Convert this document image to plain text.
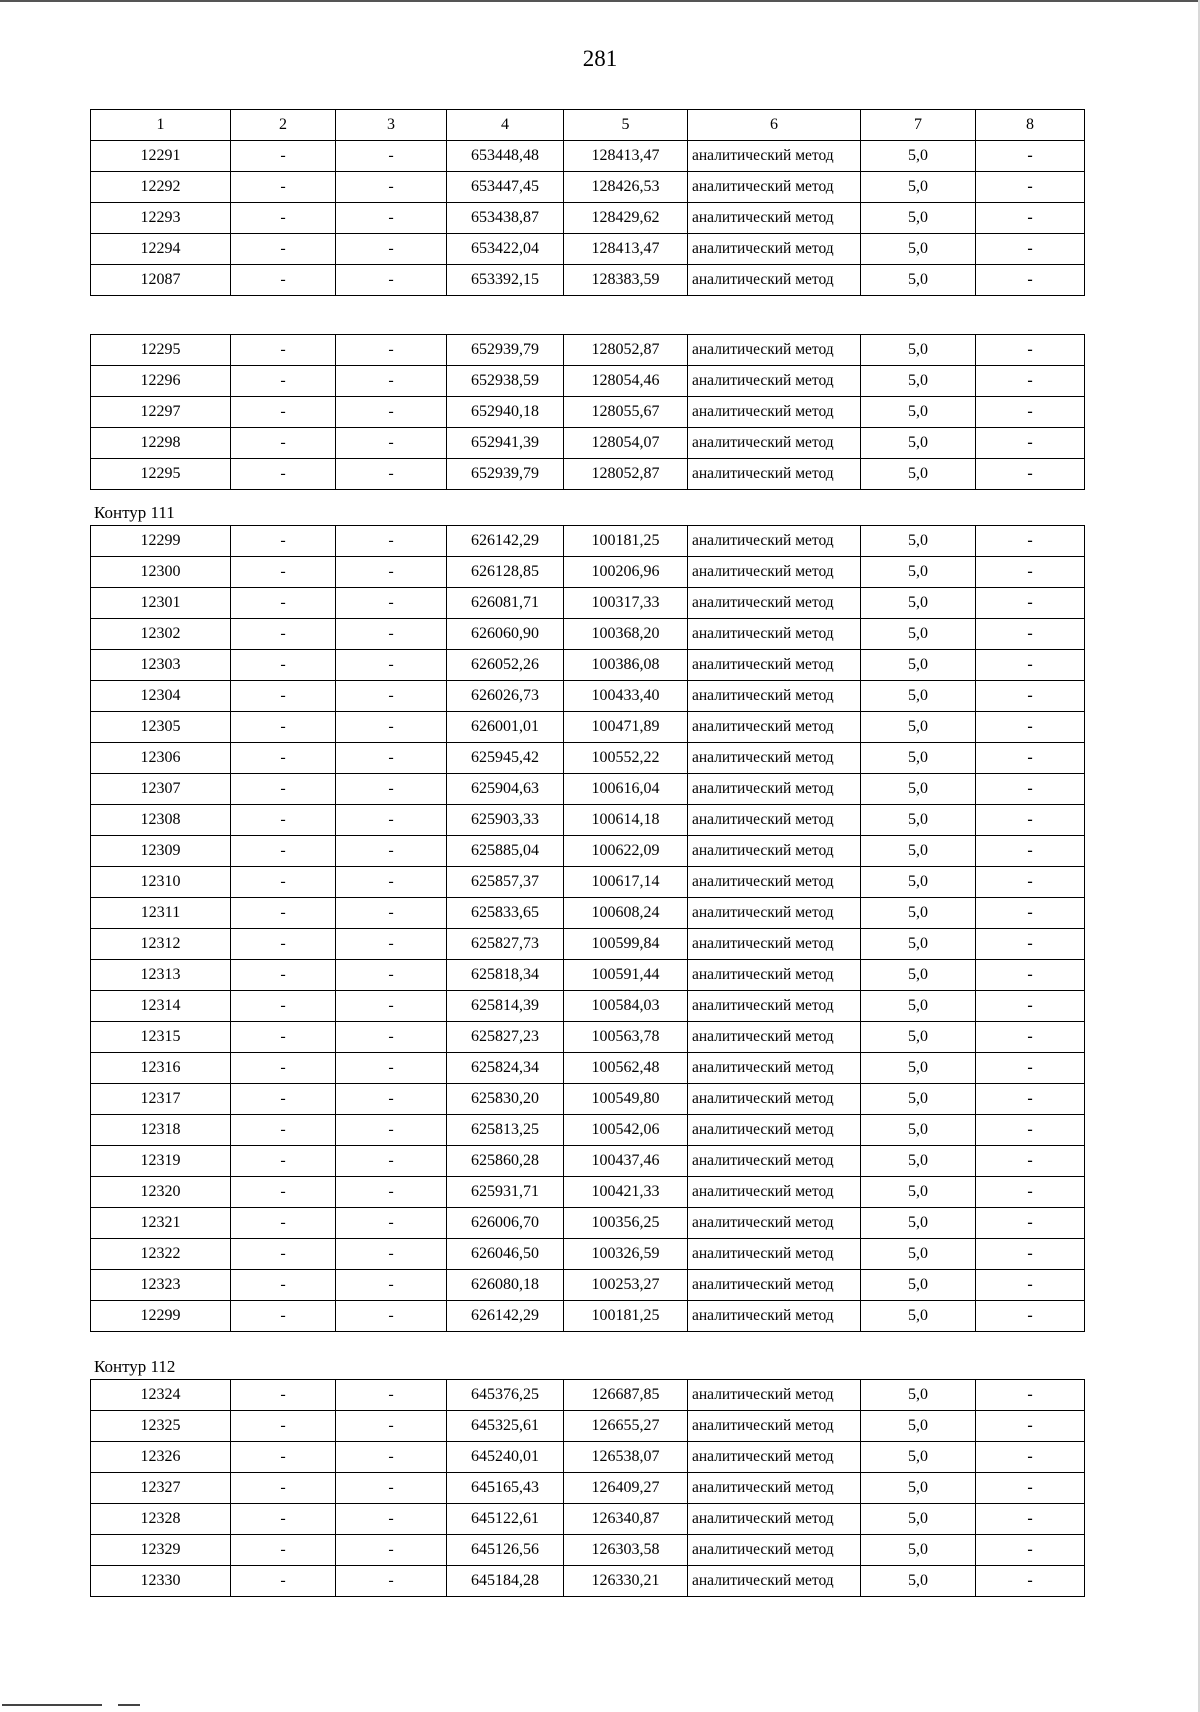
281
1	2	3	4	5	6	7	8
12291	-	-	653448,48	128413,47	аналитический метод	5,0	-
12292	-	-	653447,45	128426,53	аналитический метод	5,0	-
12293	-	-	653438,87	128429,62	аналитический метод	5,0	-
12294	-	-	653422,04	128413,47	аналитический метод	5,0	-
12087	-	-	653392,15	128383,59	аналитический метод	5,0	-
12295	-	-	652939,79	128052,87	аналитический метод	5,0	-
12296	-	-	652938,59	128054,46	аналитический метод	5,0	-
12297	-	-	652940,18	128055,67	аналитический метод	5,0	-
12298	-	-	652941,39	128054,07	аналитический метод	5,0	-
12295	-	-	652939,79	128052,87	аналитический метод	5,0	-
Контур 111
12299	-	-	626142,29	100181,25	аналитический метод	5,0	-
12300	-	-	626128,85	100206,96	аналитический метод	5,0	-
12301	-	-	626081,71	100317,33	аналитический метод	5,0	-
12302	-	-	626060,90	100368,20	аналитический метод	5,0	-
12303	-	-	626052,26	100386,08	аналитический метод	5,0	-
12304	-	-	626026,73	100433,40	аналитический метод	5,0	-
12305	-	-	626001,01	100471,89	аналитический метод	5,0	-
12306	-	-	625945,42	100552,22	аналитический метод	5,0	-
12307	-	-	625904,63	100616,04	аналитический метод	5,0	-
12308	-	-	625903,33	100614,18	аналитический метод	5,0	-
12309	-	-	625885,04	100622,09	аналитический метод	5,0	-
12310	-	-	625857,37	100617,14	аналитический метод	5,0	-
12311	-	-	625833,65	100608,24	аналитический метод	5,0	-
12312	-	-	625827,73	100599,84	аналитический метод	5,0	-
12313	-	-	625818,34	100591,44	аналитический метод	5,0	-
12314	-	-	625814,39	100584,03	аналитический метод	5,0	-
12315	-	-	625827,23	100563,78	аналитический метод	5,0	-
12316	-	-	625824,34	100562,48	аналитический метод	5,0	-
12317	-	-	625830,20	100549,80	аналитический метод	5,0	-
12318	-	-	625813,25	100542,06	аналитический метод	5,0	-
12319	-	-	625860,28	100437,46	аналитический метод	5,0	-
12320	-	-	625931,71	100421,33	аналитический метод	5,0	-
12321	-	-	626006,70	100356,25	аналитический метод	5,0	-
12322	-	-	626046,50	100326,59	аналитический метод	5,0	-
12323	-	-	626080,18	100253,27	аналитический метод	5,0	-
12299	-	-	626142,29	100181,25	аналитический метод	5,0	-
Контур 112
12324	-	-	645376,25	126687,85	аналитический метод	5,0	-
12325	-	-	645325,61	126655,27	аналитический метод	5,0	-
12326	-	-	645240,01	126538,07	аналитический метод	5,0	-
12327	-	-	645165,43	126409,27	аналитический метод	5,0	-
12328	-	-	645122,61	126340,87	аналитический метод	5,0	-
12329	-	-	645126,56	126303,58	аналитический метод	5,0	-
12330	-	-	645184,28	126330,21	аналитический метод	5,0	-
